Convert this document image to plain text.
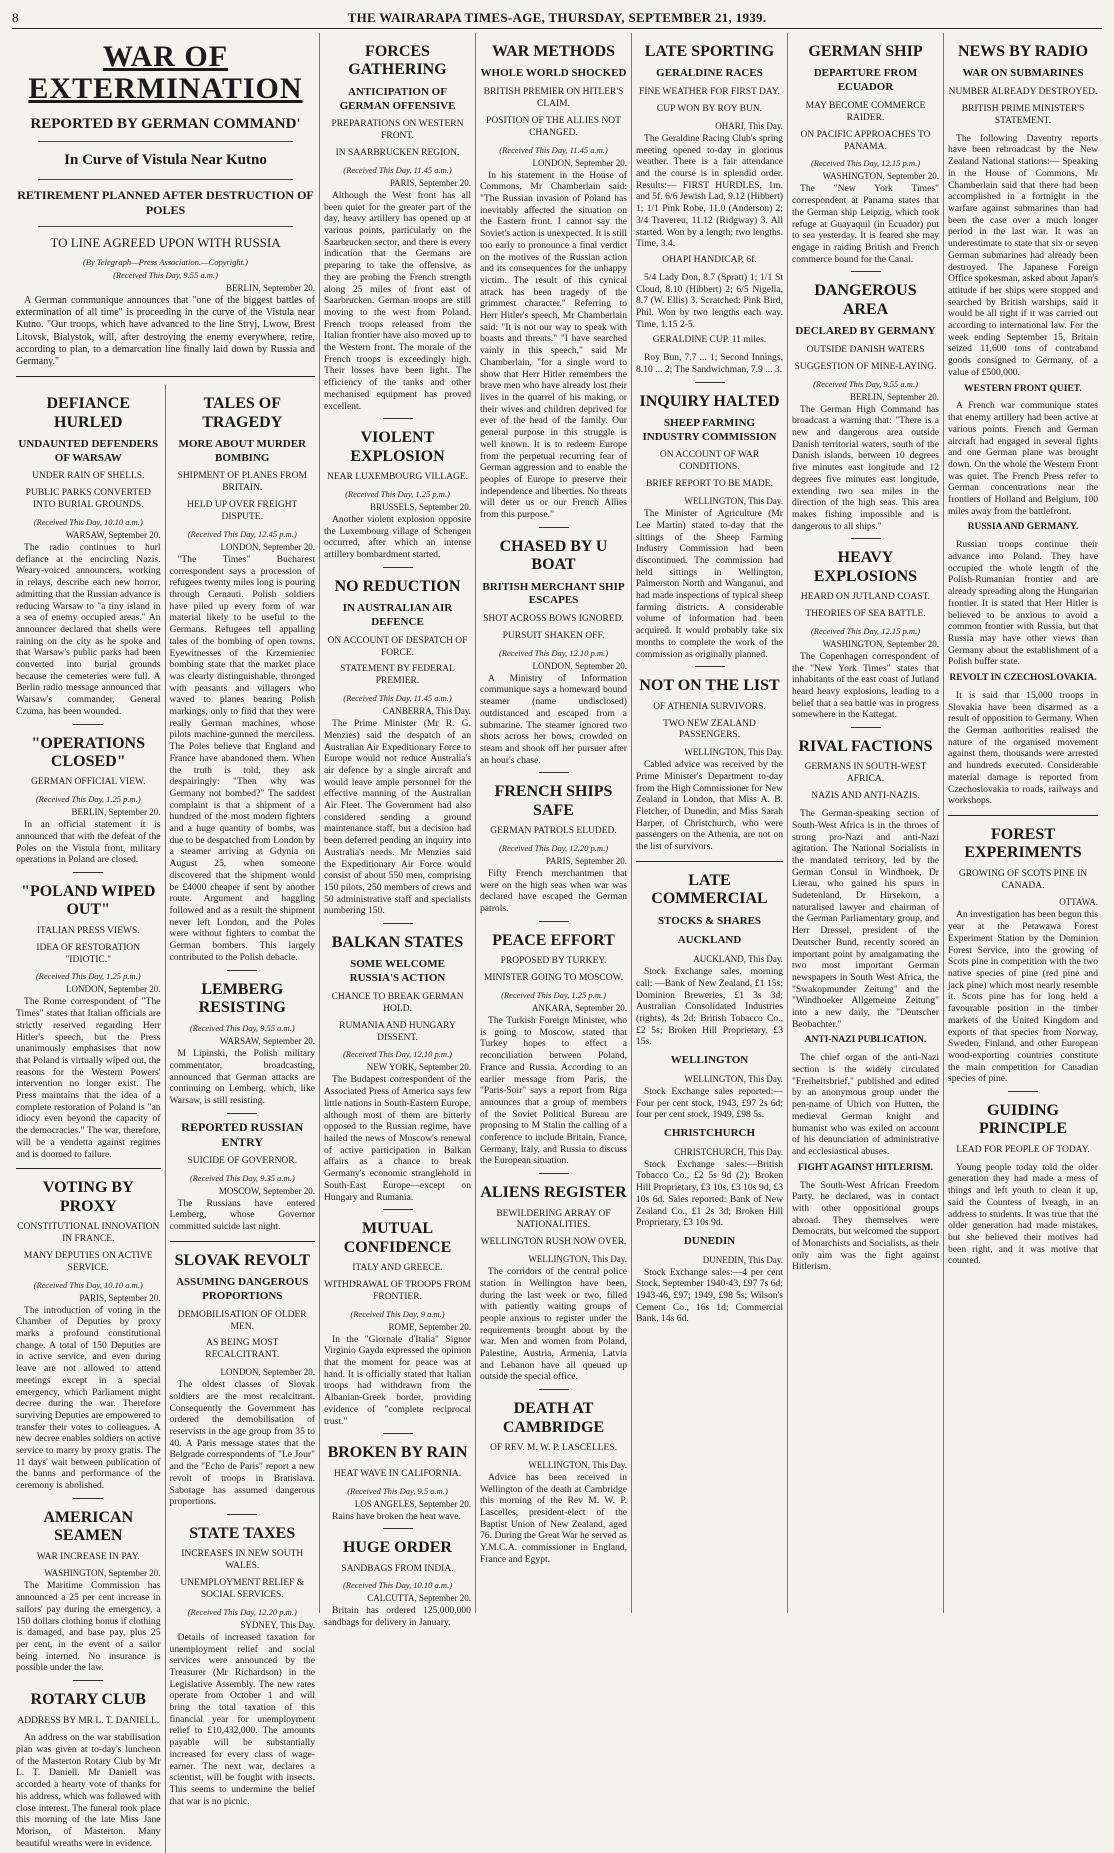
8	THE WAIRARAPA TIMES-AGE, THURSDAY, SEPTEMBER 21, 1939.
WAR OF EXTERMINATION
REPORTED BY GERMAN COMMAND'
In Curve of Vistula Near Kutno
RETIREMENT PLANNED AFTER DESTRUCTION OF POLES
TO LINE AGREED UPON WITH RUSSIA
(By Telegraph—Press Association.—Copyright.)
(Received This Day, 9.55 a.m.)
BERLIN, September 20.
A German communique announces that "one of the biggest battles of extermination of all time" is proceeding in the curve of the Vistula near Kutno. "Our troops, which have advanced to the line Stryj, Lwow, Brest Litovsk, Bialystok, will, after destroying the enemy everywhere, retire, according to plan, to a demarcation line finally laid down by Russia and Germany."
DEFIANCE HURLED
UNDAUNTED DEFENDERS OF WARSAW
UNDER RAIN OF SHELLS.
PUBLIC PARKS CONVERTED INTO BURIAL GROUNDS.
(Received This Day, 10.10 a.m.)
WARSAW, September 20.
The radio continues to hurl defiance at the encircling Nazis. Weary-voiced announcers, working in relays, describe each new horror, admitting that the Russian advance is reducing Warsaw to "a tiny island in a sea of enemy occupied areas." An announcer declared that shells were raining on the city as he spoke and that Warsaw's public parks had been converted into burial grounds because the cemeteries were full. A Berlin radio message announced that Warsaw's commander, General Czuma, has been wounded.
"OPERATIONS CLOSED"
GERMAN OFFICIAL VIEW.
(Received This Day, 1.25 p.m.)
BERLIN, September 20.
In an official statement it is announced that with the defeat of the Poles on the Vistula front, military operations in Poland are closed.
"POLAND WIPED OUT"
ITALIAN PRESS VIEWS.
IDEA OF RESTORATION "IDIOTIC."
(Received This Day, 1.25 p.m.)
LONDON, September 20.
The Rome correspondent of "The Times" states that Italian officials are strictly reserved regarding Herr Hitler's speech, but the Press unanimously emphasises that now that Poland is virtually wiped out, the reasons for the Western Powers' intervention no longer exist. The Press maintains that the idea of a complete restoration of Poland is "an idiocy even beyond the capacity of the democracies." The war, therefore, will be a vendetta against regimes and is doomed to failure.
VOTING BY PROXY
CONSTITUTIONAL INNOVATION IN FRANCE.
MANY DEPUTIES ON ACTIVE SERVICE.
(Received This Day, 10.10 a.m.)
PARIS, September 20.
The introduction of voting in the Chamber of Deputies by proxy marks a profound constitutional change. A total of 150 Deputies are in active service, and even during leave are not allowed to attend meetings except in a special emergency, which Parliament might decree during the war. Therefore surviving Deputies are empowered to transfer their votes to colleagues. A new decree enables soldiers on active service to marry by proxy gratis. The 11 days' wait between publication of the banns and performance of the ceremony is abolished.
AMERICAN SEAMEN
WAR INCREASE IN PAY.
WASHINGTON, September 20.
The Maritime Commission has announced a 25 per cent increase in sailors' pay during the emergency, a 150 dollars clothing bonus if clothing is damaged, and base pay, plus 25 per cent, in the event of a sailor being interned. No insurance is possible under the law.
ROTARY CLUB
ADDRESS BY MR L. T. DANIELL.
An address on the war stabilisation plan was given at to-day's luncheon of the Masterton Rotary Club by Mr L. T. Daniell. Mr Daniell was accorded a hearty vote of thanks for his address, which was followed with close interest. The funeral took place this morning of the late Miss Jane Morison, of Masterton. Many beautiful wreaths were in evidence.
TALES OF TRAGEDY
MORE ABOUT MURDER BOMBING
SHIPMENT OF PLANES FROM BRITAIN.
HELD UP OVER FREIGHT DISPUTE.
(Received This Day, 12.45 p.m.)
LONDON, September 20.
"The Times" Bucharest correspondent says a procession of refugees twenty miles long is pouring through Cernauti. Polish soldiers have piled up every form of war material likely to be useful to the Germans. Refugees tell appalling tales of the bombing of open towns. Eyewitnesses of the Krzemieniec bombing state that the market place was clearly distinguishable, thronged with peasants and villagers who waved to planes bearing Polish markings, only to find that they were really German machines, whose pilots machine-gunned the merciless. The Poles believe that England and France have abandoned them. When the truth is told, they ask despairingly: "Then why was Germany not bombed?" The saddest complaint is that a shipment of a hundred of the most modern fighters and a huge quantity of bombs, was due to be despatched from London by a steamer arriving at Gdynia on August 25, when someone discovered that the shipment would be £4000 cheaper if sent by another route. Argument and haggling followed and as a result the shipment never left London, and the Poles were without fighters to combat the German bombers. This largely contributed to the Polish debacle.
LEMBERG RESISTING
(Received This Day, 9.55 a.m.)
WARSAW, September 20.
M Lipinski, the Polish military commentator, broadcasting, announced that German attacks are continuing on Lemberg, which, like Warsaw, is still resisting.
REPORTED RUSSIAN ENTRY
SUICIDE OF GOVERNOR.
(Received This Day, 9.35 a.m.)
MOSCOW, September 20.
The Russians have entered Lemberg, whose Governor committed suicide last night.
SLOVAK REVOLT
ASSUMING DANGEROUS PROPORTIONS
DEMOBILISATION OF OLDER MEN.
AS BEING MOST RECALCITRANT.
LONDON, September 20.
The oldest classes of Slovak soldiers are the most recalcitrant. Consequently the Government has ordered the demobilisation of reservists in the age group from 35 to 40. A Paris message states that the Belgrade correspondents of "Le Jour" and the "Echo de Paris" report a new revolt of troops in Bratislava. Sabotage has assumed dangerous proportions.
STATE TAXES
INCREASES IN NEW SOUTH WALES.
UNEMPLOYMENT RELIEF & SOCIAL SERVICES.
(Received This Day, 12.20 p.m.)
SYDNEY, This Day.
Details of increased taxation for unemployment relief and social services were announced by the Treasurer (Mr Richardson) in the Legislative Assembly. The new rates operate from October 1 and will bring the total taxation of this financial year for unemployment relief to £10,432,000. The amounts payable will be substantially increased for every class of wage-earner. The next war, declares a scientist, will be fought with insects. This seems to undermine the belief that war is no picnic.
FORCES GATHERING
ANTICIPATION OF GERMAN OFFENSIVE
PREPARATIONS ON WESTERN FRONT.
IN SAARBRUCKEN REGION.
(Received This Day, 11.45 a.m.)
PARIS, September 20.
Although the West front has all been quiet for the greater part of the day, heavy artillery has opened up at various points, particularly on the Saarbrucken sector, and there is every indication that the Germans are preparing to take the offensive, as they are probing the French strength along 25 miles of front east of Saarbrucken. German troops are still moving to the west from Poland. French troops released from the Italian frontier have also moved up to the Western front. The morale of the French troops is exceedingly high. Their losses have been light. The efficiency of the tanks and other mechanised equipment has proved excellent.
VIOLENT EXPLOSION
NEAR LUXEMBOURG VILLAGE.
(Received This Day, 1.25 p.m.)
BRUSSELS, September 20.
Another violent explosion opposite the Luxembourg village of Schengen occurred, after which an intense artillery bombardment started.
NO REDUCTION
IN AUSTRALIAN AIR DEFENCE
ON ACCOUNT OF DESPATCH OF FORCE.
STATEMENT BY FEDERAL PREMIER.
(Received This Day, 11.45 a.m.)
CANBERRA, This Day.
The Prime Minister (Mr R. G. Menzies) said the despatch of an Australian Air Expeditionary Force to Europe would not reduce Australia's air defence by a single aircraft and would leave ample personnel for the effective manning of the Australian Air Fleet. The Government had also considered sending a ground maintenance staff, but a decision had been deferred pending an inquiry into Australia's needs. Mr Menzies said the Expeditionary Air Force would consist of about 550 men, comprising 150 pilots, 250 members of crews and 50 administrative staff and specialists numbering 150.
BALKAN STATES
SOME WELCOME RUSSIA'S ACTION
CHANCE TO BREAK GERMAN HOLD.
RUMANIA AND HUNGARY DISSENT.
(Received This Day, 12.10 p.m.)
NEW YORK, September 20.
The Budapest correspondent of the Associated Press of America says few little nations in South-Eastern Europe, although most of them are bitterly opposed to the Russian regime, have hailed the news of Moscow's renewal of active participation in Balkan affairs as a chance to break Germany's economic stranglehold in South-East Europe—except on Hungary and Rumania.
MUTUAL CONFIDENCE
ITALY AND GREECE.
WITHDRAWAL OF TROOPS FROM FRONTIER.
(Received This Day, 9 a.m.)
ROME, September 20.
In the "Giornale d'Italia" Signor Virginio Gayda expressed the opinion that the moment for peace was at hand. It is officially stated that Italian troops had withdrawn from the Albanian-Greek border, providing evidence of "complete reciprocal trust."
BROKEN BY RAIN
HEAT WAVE IN CALIFORNIA.
(Received This Day, 9.5 a.m.)
LOS ANGELES, September 20.
Rains have broken the heat wave.
HUGE ORDER
SANDBAGS FROM INDIA.
(Received This Day, 10.10 a.m.)
CALCUTTA, September 20.
Britain has ordered 125,000,000 sandbags for delivery in January.
WAR METHODS
WHOLE WORLD SHOCKED
BRITISH PREMIER ON HITLER'S CLAIM.
POSITION OF THE ALLIES NOT CHANGED.
(Received This Day, 11.45 a.m.)
LONDON, September 20.
In his statement in the House of Commons, Mr Chamberlain said: "The Russian invasion of Poland has inevitably affected the situation on the Eastern front. I cannot say the Soviet's action is unexpected. It is still too early to pronounce a final verdict on the motives of the Russian action and its consequences for the unhappy victim. The result of this cynical attack has been tragedy of the grimmest character." Referring to Herr Hitler's speech, Mr Chamberlain said: "It is not our way to speak with boasts and threats." "I have searched vainly in this speech," said Mr Chamberlain, "for a single word to show that Herr Hitler remembers the brave men who have already lost their lives in the quarrel of his making, or their wives and children deprived for ever of the head of the family. Our general purpose in this struggle is well known. It is to redeem Europe from the perpetual recurring fear of German aggression and to enable the peoples of Europe to preserve their independence and liberties. No threats will deter us or our French Allies from this purpose."
CHASED BY U BOAT
BRITISH MERCHANT SHIP ESCAPES
SHOT ACROSS BOWS IGNORED.
PURSUIT SHAKEN OFF.
(Received This Day, 12.10 p.m.)
LONDON, September 20.
A Ministry of Information communique says a homeward bound steamer (name undisclosed) outdistanced and escaped from a submarine. The steamer ignored two shots across her bows, crowded on steam and shook off her pursuer after an hour's chase.
FRENCH SHIPS SAFE
GERMAN PATROLS ELUDED.
(Received This Day, 12.20 p.m.)
PARIS, September 20.
Fifty French merchantmen that were on the high seas when war was declared have escaped the German patrols.
PEACE EFFORT
PROPOSED BY TURKEY.
MINISTER GOING TO MOSCOW.
(Received This Day, 1.25 p.m.)
ANKARA, September 20.
The Turkish Foreign Minister, who is going to Moscow, stated that Turkey hopes to effect a reconciliation between Poland, France and Russia. According to an earlier message from Paris, the "Paris-Soir" says a report from Riga announces that a group of members of the Soviet Political Bureau are proposing to M Stalin the calling of a conference to include Britain, France, Germany, Italy, and Russia to discuss the European situation.
ALIENS REGISTER
BEWILDERING ARRAY OF NATIONALITIES.
WELLINGTON RUSH NOW OVER.
WELLINGTON, This Day.
The corridors of the central police station in Wellington have been, during the last week or two, filled with patiently waiting groups of people anxious to register under the requirements brought about by the war. Men and women from Poland, Palestine, Austria, Armenia, Latvia and Lebanon have all queued up outside the special office.
DEATH AT CAMBRIDGE
OF REV. M. W. P. LASCELLES.
WELLINGTON, This Day.
Advice has been received in Wellington of the death at Cambridge this morning of the Rev M. W. P. Lascelles, president-elect of the Baptist Union of New Zealand, aged 76. During the Great War he served as Y.M.C.A. commissioner in England, France and Egypt.
LATE SPORTING
GERALDINE RACES
FINE WEATHER FOR FIRST DAY.
CUP WON BY ROY BUN.
OHARI, This Day.
The Geraldine Racing Club's spring meeting opened to-day in glorious weather. There is a fair attendance and the course is in splendid order. Results:— FIRST HURDLES, 1m. and 5f. 6/6 Jewish Lad, 9.12 (Hibbert) 1; 1/1 Pink Robe, 11.0 (Anderson) 2; 3/4 Travereu, 11.12 (Ridgway) 3. All started. Won by a length; two lengths. Time, 3.4.
OHAPI HANDICAP, 6f.
5/4 Lady Don, 8.7 (Spratt) 1; 1/1 St Cloud, 8.10 (Hibbert) 2; 6/5 Nigella, 8.7 (W. Ellis) 3. Scratched: Pink Bird, Phil. Won by two lengths each way. Time, 1.15 2-5.
GERALDINE CUP. 11 miles.
Roy Bun, 7.7 ... 1; Second Innings, 8.10 ... 2; The Sandwichman, 7.9 ... 3.
INQUIRY HALTED
SHEEP FARMING INDUSTRY COMMISSION
ON ACCOUNT OF WAR CONDITIONS.
BRIEF REPORT TO BE MADE.
WELLINGTON, This Day.
The Minister of Agriculture (Mr Lee Martin) stated to-day that the sittings of the Sheep Farming Industry Commission had been discontinued. The commission had held sittings in Wellington, Palmerston North and Wanganui, and had made inspections of typical sheep farming districts. A considerable volume of information had been acquired. It would probably take six months to complete the work of the commission as originally planned.
NOT ON THE LIST
OF ATHENIA SURVIVORS.
TWO NEW ZEALAND PASSENGERS.
WELLINGTON, This Day.
Cabled advice was received by the Prime Minister's Department to-day from the High Commissioner for New Zealand in London, that Miss A. B. Fletcher, of Dunedin, and Miss Sarah Harper, of Christchurch, who were passengers on the Athenia, are not on the list of survivors.
LATE COMMERCIAL
STOCKS & SHARES
AUCKLAND
AUCKLAND, This Day.
Stock Exchange sales, morning call: —Bank of New Zealand, £1 15s; Dominion Breweries, £1 3s 3d; Australian Consolidated Industries (rights), 4s 2d; British Tobacco Co., £2 5s; Broken Hill Proprietary, £3 15s.
WELLINGTON
WELLINGTON, This Day.
Stock Exchange sales reported:—Four per cent stock, 1943, £97 2s 6d; four per cent stock, 1949, £98 5s.
CHRISTCHURCH
CHRISTCHURCH, This Day.
Stock Exchange sales:—British Tobacco Co., £2 5s 9d (2); Broken Hill Proprietary, £3 10s, £3 10s 9d, £3 10s 6d. Sales reported: Bank of New Zealand Co., £1 2s 3d; Broken Hill Proprietary, £3 10s 9d.
DUNEDIN
DUNEDIN, This Day.
Stock Exchange sales:—4 per cent Stock, September 1940-43, £97 7s 6d; 1943-46, £97; 1949, £98 5s; Wilson's Cement Co., 16s 1d; Commercial Bank, 14s 6d.
GERMAN SHIP
DEPARTURE FROM ECUADOR
MAY BECOME COMMERCE RAIDER.
ON PACIFIC APPROACHES TO PANAMA.
(Received This Day, 12.15 p.m.)
WASHINGTON, September 20.
The "New York Times" correspondent at Panama states that the German ship Leipzig, which took refuge at Guayaquil (in Ecuador) put to sea yesterday. It is feared she may engage in raiding British and French commerce bound for the Canal.
DANGEROUS AREA
DECLARED BY GERMANY
OUTSIDE DANISH WATERS
SUGGESTION OF MINE-LAYING.
(Received This Day, 9.55 a.m.)
BERLIN, September 20.
The German High Command has broadcast a warning that: "There is a new and dangerous area outside Danish territorial waters, south of the Danish islands, between 10 degrees five minutes east longitude and 12 degrees five minutes east longitude, extending two sea miles in the direction of the high seas. This area makes fishing impossible and is dangerous to all ships."
HEAVY EXPLOSIONS
HEARD ON JUTLAND COAST.
THEORIES OF SEA BATTLE.
(Received This Day, 12.15 p.m.)
WASHINGTON, September 20.
The Copenhagen correspondent of the "New York Times" states that inhabitants of the east coast of Jutland heard heavy explosions, leading to a belief that a sea battle was in progress somewhere in the Kattegat.
RIVAL FACTIONS
GERMANS IN SOUTH-WEST AFRICA.
NAZIS AND ANTI-NAZIS.
The German-speaking section of South-West Africa is in the throes of strong pro-Nazi and anti-Nazi agitation. The National Socialists in the mandated territory, led by the German Consul in Windhoek, Dr Lierau, who gained his spurs in Sudetenland, Dr Hirsekorn, a naturalised lawyer and chairman of the German Parliamentary group, and Herr Dressel, president of the Deutscher Bund, recently scored an important point by amalgamating the two most important German newspapers in South West Africa, the "Swakopmunder Zeitung" and the "Windhoeker Allgemeine Zeitung" into a new daily, the "Deutscher Beobachter."
ANTI-NAZI PUBLICATION.
The chief organ of the anti-Nazi section is the widely circulated "Freiheitsbrief," published and edited by an anonymous group under the pen-name of Ulrich von Hutten, the medieval German knight and humanist who was exiled on account of his denunciation of administrative and ecclesiastical abuses.
FIGHT AGAINST HITLERISM.
The South-West African Freedom Party, he declared, was in contact with other oppositional groups abroad. They themselves were Democrats, but welcomed the support of Monarchists and Socialists, as their only aim was the fight against Hitlerism.
NEWS BY RADIO
WAR ON SUBMARINES
NUMBER ALREADY DESTROYED.
BRITISH PRIME MINISTER'S STATEMENT.
The following Daventry reports have been rebroadcast by the New Zealand National stations:— Speaking in the House of Commons, Mr Chamberlain said that there had been accomplished in a fortnight in the warfare against submarines than had been the case over a much longer period in the last war. It was an underestimate to state that six or seven German submarines had already been destroyed. The Japanese Foreign Office spokesman, asked about Japan's attitude if her ships were stopped and searched by British warships, said it would be all right if it was carried out according to international law. For the week ending September 15, Britain seized 11,600 tons of contraband goods consigned to Germany, of a value of £500,000.
WESTERN FRONT QUIET.
A French war communique states that enemy artillery had been active at various points. French and German aircraft had engaged in several fights and one German plane was brought down. On the whole the Western Front was quiet. The French Press refer to German concentrations near the frontiers of Holland and Belgium, 100 miles away from the battlefront.
RUSSIA AND GERMANY.
Russian troops continue their advance into Poland. They have occupied the whole length of the Polish-Rumanian frontier and are already spreading along the Hungarian frontier. It is stated that Herr Hitler is believed to be anxious to avoid a common frontier with Russia, but that Russia may have other views than Germany about the establishment of a Polish buffer state.
REVOLT IN CZECHOSLOVAKIA.
It is said that 15,000 troops in Slovakia have been disarmed as a result of opposition to Germany. When the German authorities realised the nature of the organised movement against them, thousands were arrested and hundreds executed. Considerable material damage is reported from Czechoslovakia to roads, railways and workshops.
FOREST EXPERIMENTS
GROWING OF SCOTS PINE IN CANADA.
OTTAWA.
An investigation has been begun this year at the Petawawa Forest Experiment Station by the Dominion Forest Service, into the growing of Scots pine in competition with the two native species of pine (red pine and jack pine) which most nearly resemble it. Scots pine has for long held a favourable position in the timber markets of the United Kingdom and exports of that species from Norway, Sweden, Finland, and other European wood-exporting countries constitute the main competition for Canadian species of pine.
GUIDING PRINCIPLE
LEAD FOR PEOPLE OF TODAY.
Young people today told the older generation they had made a mess of things and left youth to clean it up, said the Countess of Iveagh, in an address to students. It was true that the older generation had made mistakes, but she believed their motives had been right, and it was motive that counted.
